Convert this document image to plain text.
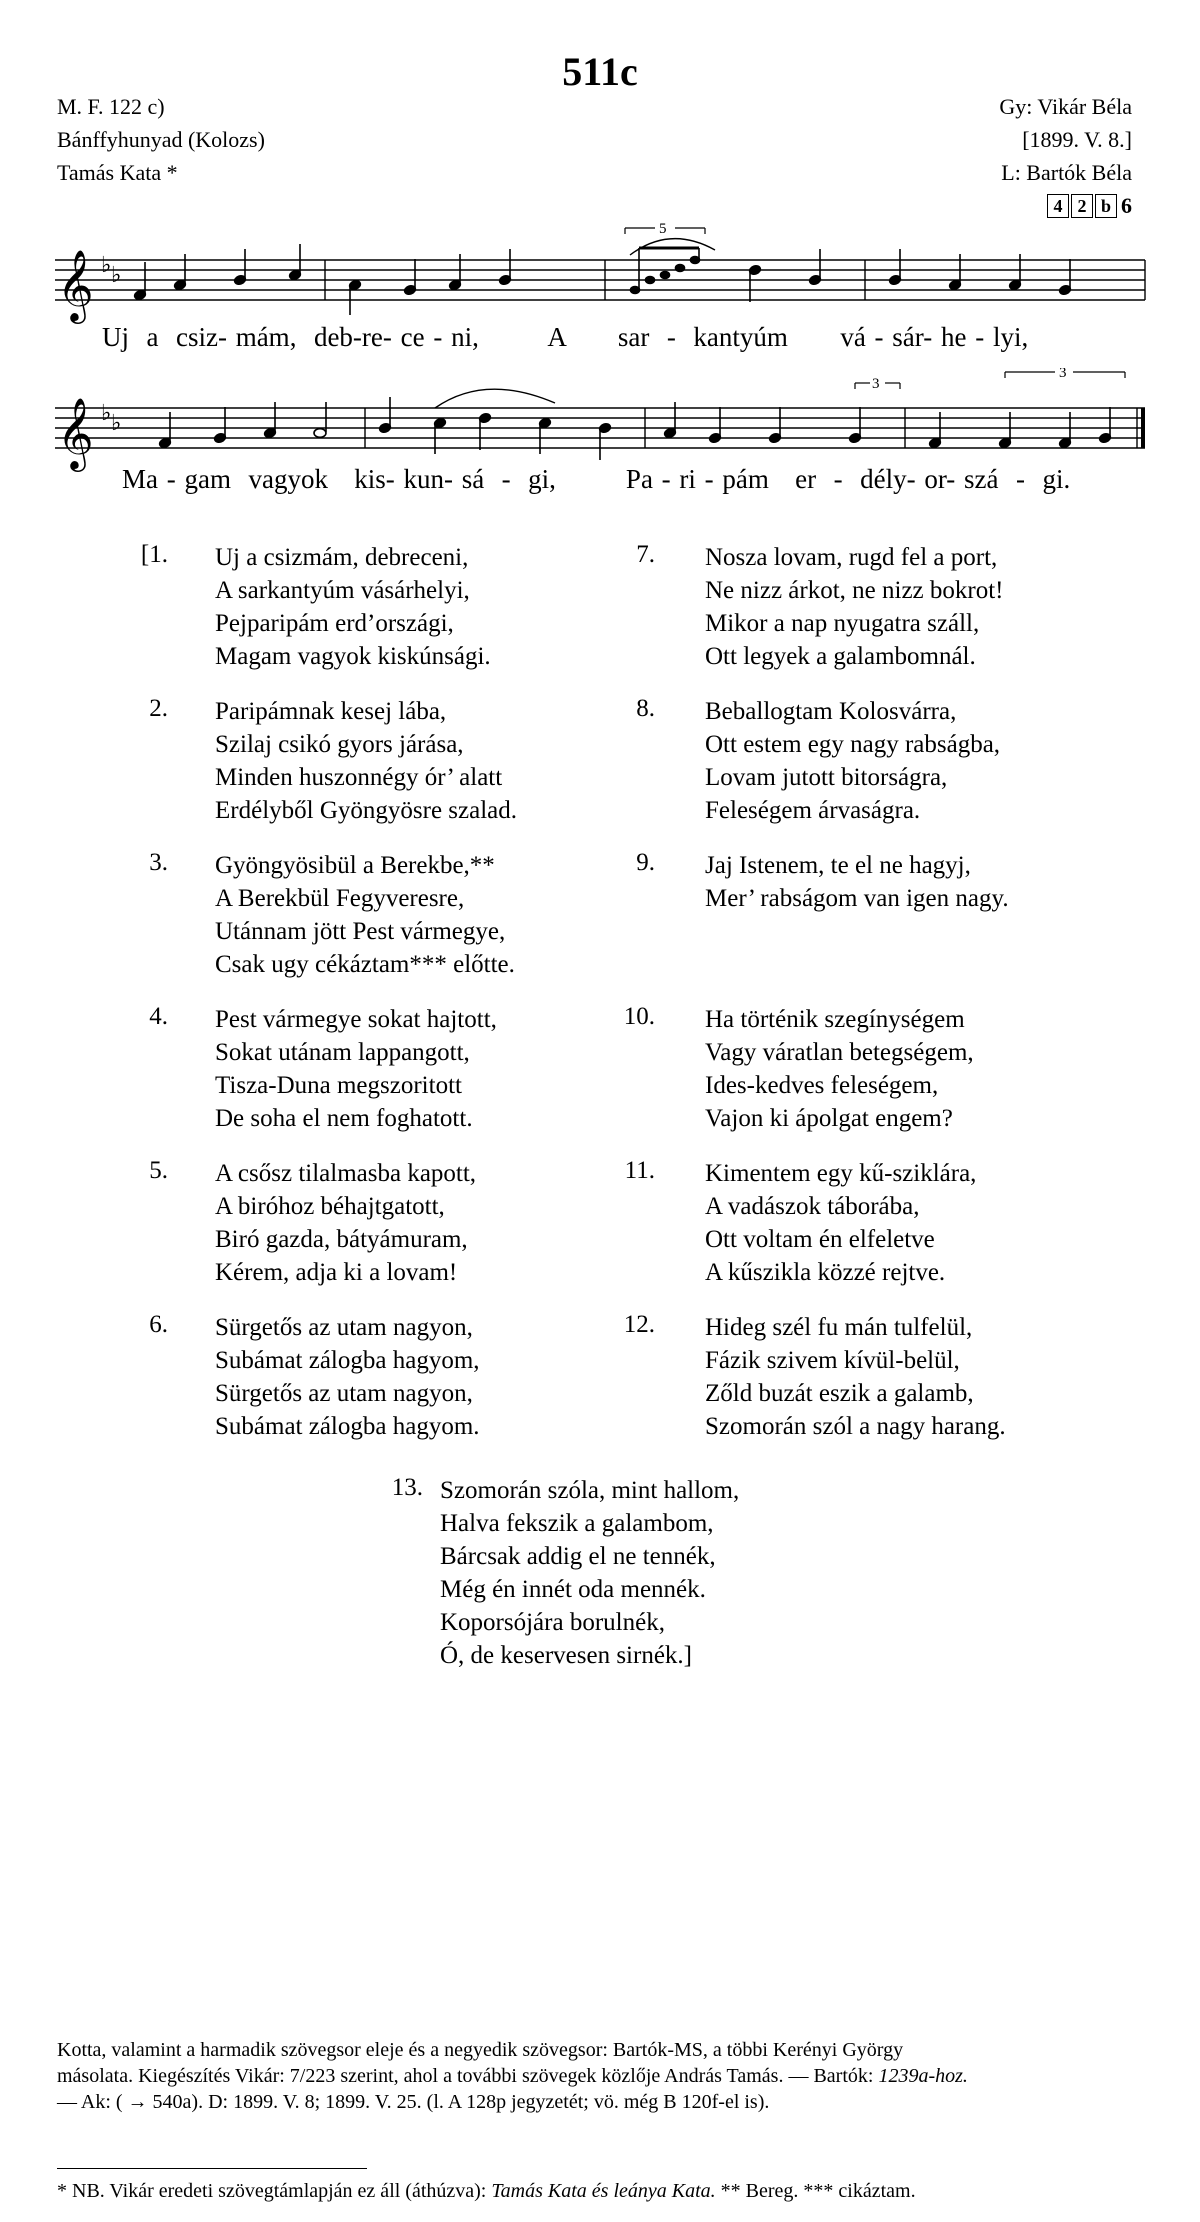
511c
M. F. 122 c)
Bánffyhunyad (Kolozs)
Tamás Kata *
Gy: Vikár Béla
[1899. V. 8.]
L: Bartók Béla
4 2 b 6
𝄞 ♭ ♭
5
Uj  a  csiz- mám,  deb-re- ce - ni,        A      sar  -  kantyúm      vá - sár- he - lyi,
𝄞 ♭ ♭
3
3
Ma - gam  vagyok   kis- kun- sá  -  gi,        Pa - ri - pám   er  -  dély- or- szá  -  gi.
[1. Uj a csizmám, debreceni,
A sarkantyúm vásárhelyi,
Pejparipám erd’országi,
Magam vagyok kiskúnsági.
2. Paripámnak kesej lába,
Szilaj csikó gyors járása,
Minden huszonnégy ór’ alatt
Erdélyből Gyöngyösre szalad.
3. Gyöngyösibül a Berekbe,**
A Berekbül Fegyveresre,
Utánnam jött Pest vármegye,
Csak ugy cékáztam*** előtte.
4. Pest vármegye sokat hajtott,
Sokat utánam lappangott,
Tisza-Duna megszoritott
De soha el nem foghatott.
5. A csősz tilalmasba kapott,
A biróhoz béhajtgatott,
Biró gazda, bátyámuram,
Kérem, adja ki a lovam!
6. Sürgetős az utam nagyon,
Subámat zálogba hagyom,
Sürgetős az utam nagyon,
Subámat zálogba hagyom.
7. Nosza lovam, rugd fel a port,
Ne nizz árkot, ne nizz bokrot!
Mikor a nap nyugatra száll,
Ott legyek a galambomnál.
8. Beballogtam Kolosvárra,
Ott estem egy nagy rabságba,
Lovam jutott bitorságra,
Feleségem árvaságra.
9. Jaj Istenem, te el ne hagyj,
Mer’ rabságom van igen nagy.
10. Ha történik szegínységem
Vagy váratlan betegségem,
Ides-kedves feleségem,
Vajon ki ápolgat engem?
11. Kimentem egy kű-sziklára,
A vadászok táborába,
Ott voltam én elfeletve
A kűszikla közzé rejtve.
12. Hideg szél fu mán tulfelül,
Fázik szivem kívül-belül,
Zőld buzát eszik a galamb,
Szomorán szól a nagy harang.
13. Szomorán szóla, mint hallom,
Halva fekszik a galambom,
Bárcsak addig el ne tennék,
Még én innét oda mennék.
Koporsójára borulnék,
Ó, de keservesen sirnék.]
Kotta, valamint a harmadik szövegsor eleje és a negyedik szövegsor: Bartók-MS, a többi Kerényi György
másolata. Kiegészítés Vikár: 7/223 szerint, ahol a további szövegek közlője András Tamás. — Bartók: 1239a-hoz.
— Ak: ( → 540a). D: 1899. V. 8; 1899. V. 25. (l. A 128p jegyzetét; vö. még B 120f-el is).
* NB. Vikár eredeti szövegtámlapján ez áll (áthúzva): Tamás Kata és leánya Kata. ** Bereg. *** cikáztam.
